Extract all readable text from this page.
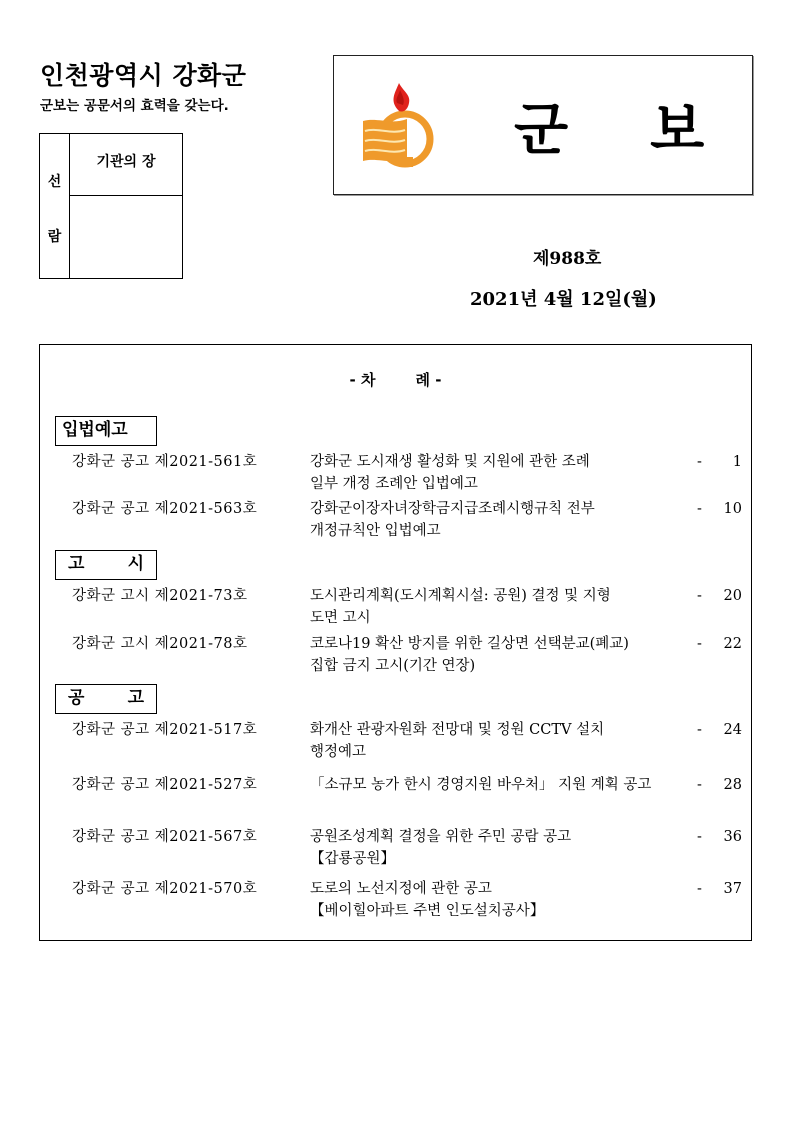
인천광역시 강화군
군보는 공문서의 효력을 갖는다.
선
람
기관의 장	군 보
제988호
2021년 4월 12일(월)
- 차	례 -
입법예고
강화군 공고 제2021-561호	강화군 도시재생 활성화 및 지원에 관한 조례
일부 개정 조례안 입법예고
- 1
강화군 공고 제2021-563호	강화군이장자녀장학금지급조례시행규칙 전부
개정규칙안 입법예고
- 10
고	시
강화군 고시 제2021-73호	도시관리계획(도시계획시설: 공원) 결정 및 지형
도면 고시
- 20
강화군 고시 제2021-78호	코로나19 확산 방지를 위한 길상면 선택분교(폐교)
집합 금지 고시(기간 연장)
- 22
공	고
강화군 공고 제2021-517호	화개산 관광자원화 전망대 및 정원 CCTV 설치
행정예고
- 24
강화군 공고 제2021-527호	「소규모 농가 한시 경영지원 바우처」 지원 계획 공고	- 28
강화군 공고 제2021-567호	공원조성계획 결정을 위한 주민 공람 공고
【갑룡공원】
- 36
강화군 공고 제2021-570호	도로의 노선지정에 관한 공고
【베이힐아파트 주변 인도설치공사】
- 37
